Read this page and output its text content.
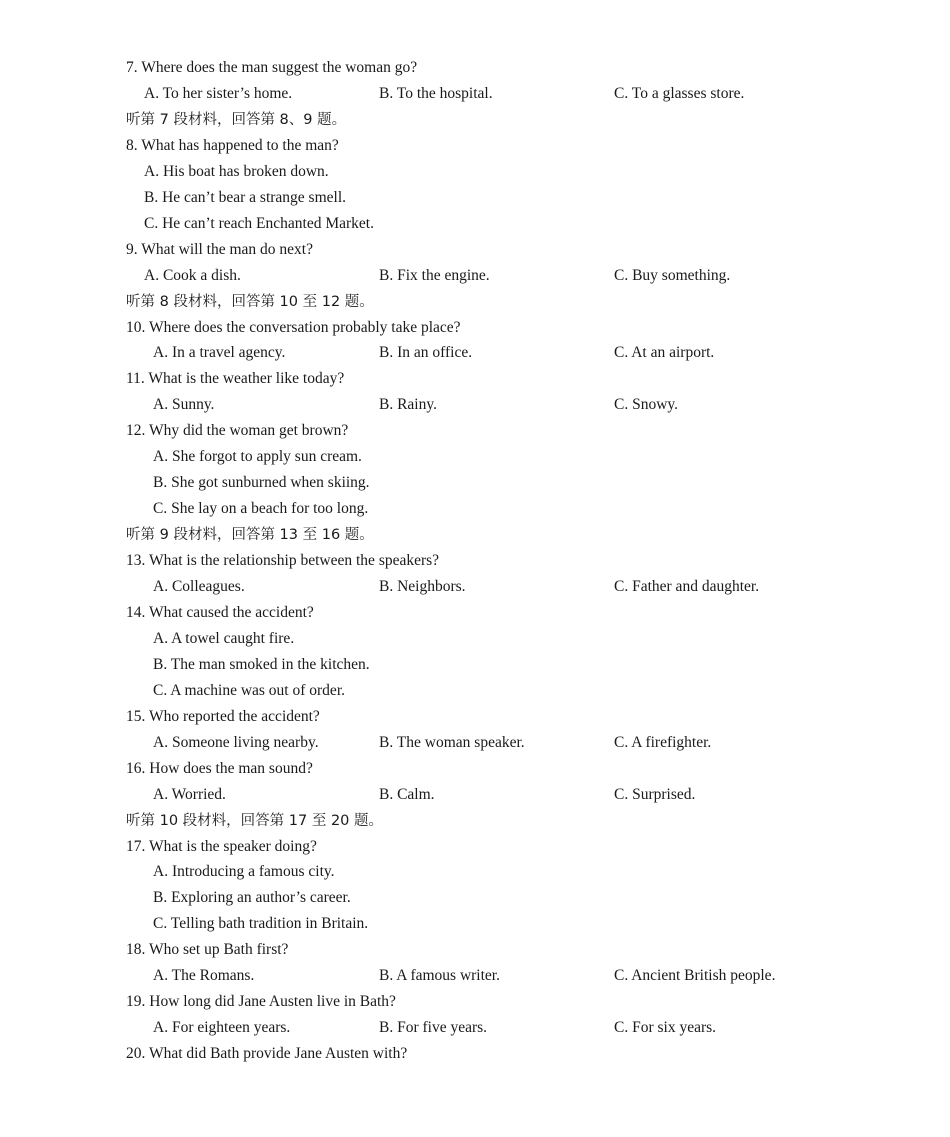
7. Where does the man suggest the woman go?
A. To her sister’s home.	B. To the hospital.	C. To a glasses store.
听第 7 段材料，回答第 8、9 题。
8. What has happened to the man?
A. His boat has broken down.
B. He can’t bear a strange smell.
C. He can’t reach Enchanted Market.
9. What will the man do next?
A. Cook a dish.	B. Fix the engine.	C. Buy something.
听第 8 段材料，回答第 10 至 12 题。
10. Where does the conversation probably take place?
A. In a travel agency.	B. In an office.	C. At an airport.
11. What is the weather like today?
A. Sunny.	B. Rainy.	C. Snowy.
12. Why did the woman get brown?
A. She forgot to apply sun cream.
B. She got sunburned when skiing.
C. She lay on a beach for too long.
听第 9 段材料，回答第 13 至 16 题。
13. What is the relationship between the speakers?
A. Colleagues.	B. Neighbors.	C. Father and daughter.
14. What caused the accident?
A. A towel caught fire.
B. The man smoked in the kitchen.
C. A machine was out of order.
15. Who reported the accident?
A. Someone living nearby.	B. The woman speaker.	C. A firefighter.
16. How does the man sound?
A. Worried.	B. Calm.	C. Surprised.
听第 10 段材料，回答第 17 至 20 题。
17. What is the speaker doing?
A. Introducing a famous city.
B. Exploring an author’s career.
C. Telling bath tradition in Britain.
18. Who set up Bath first?
A. The Romans.	B. A famous writer.	C. Ancient British people.
19. How long did Jane Austen live in Bath?
A. For eighteen years.	B. For five years.	C. For six years.
20. What did Bath provide Jane Austen with?
